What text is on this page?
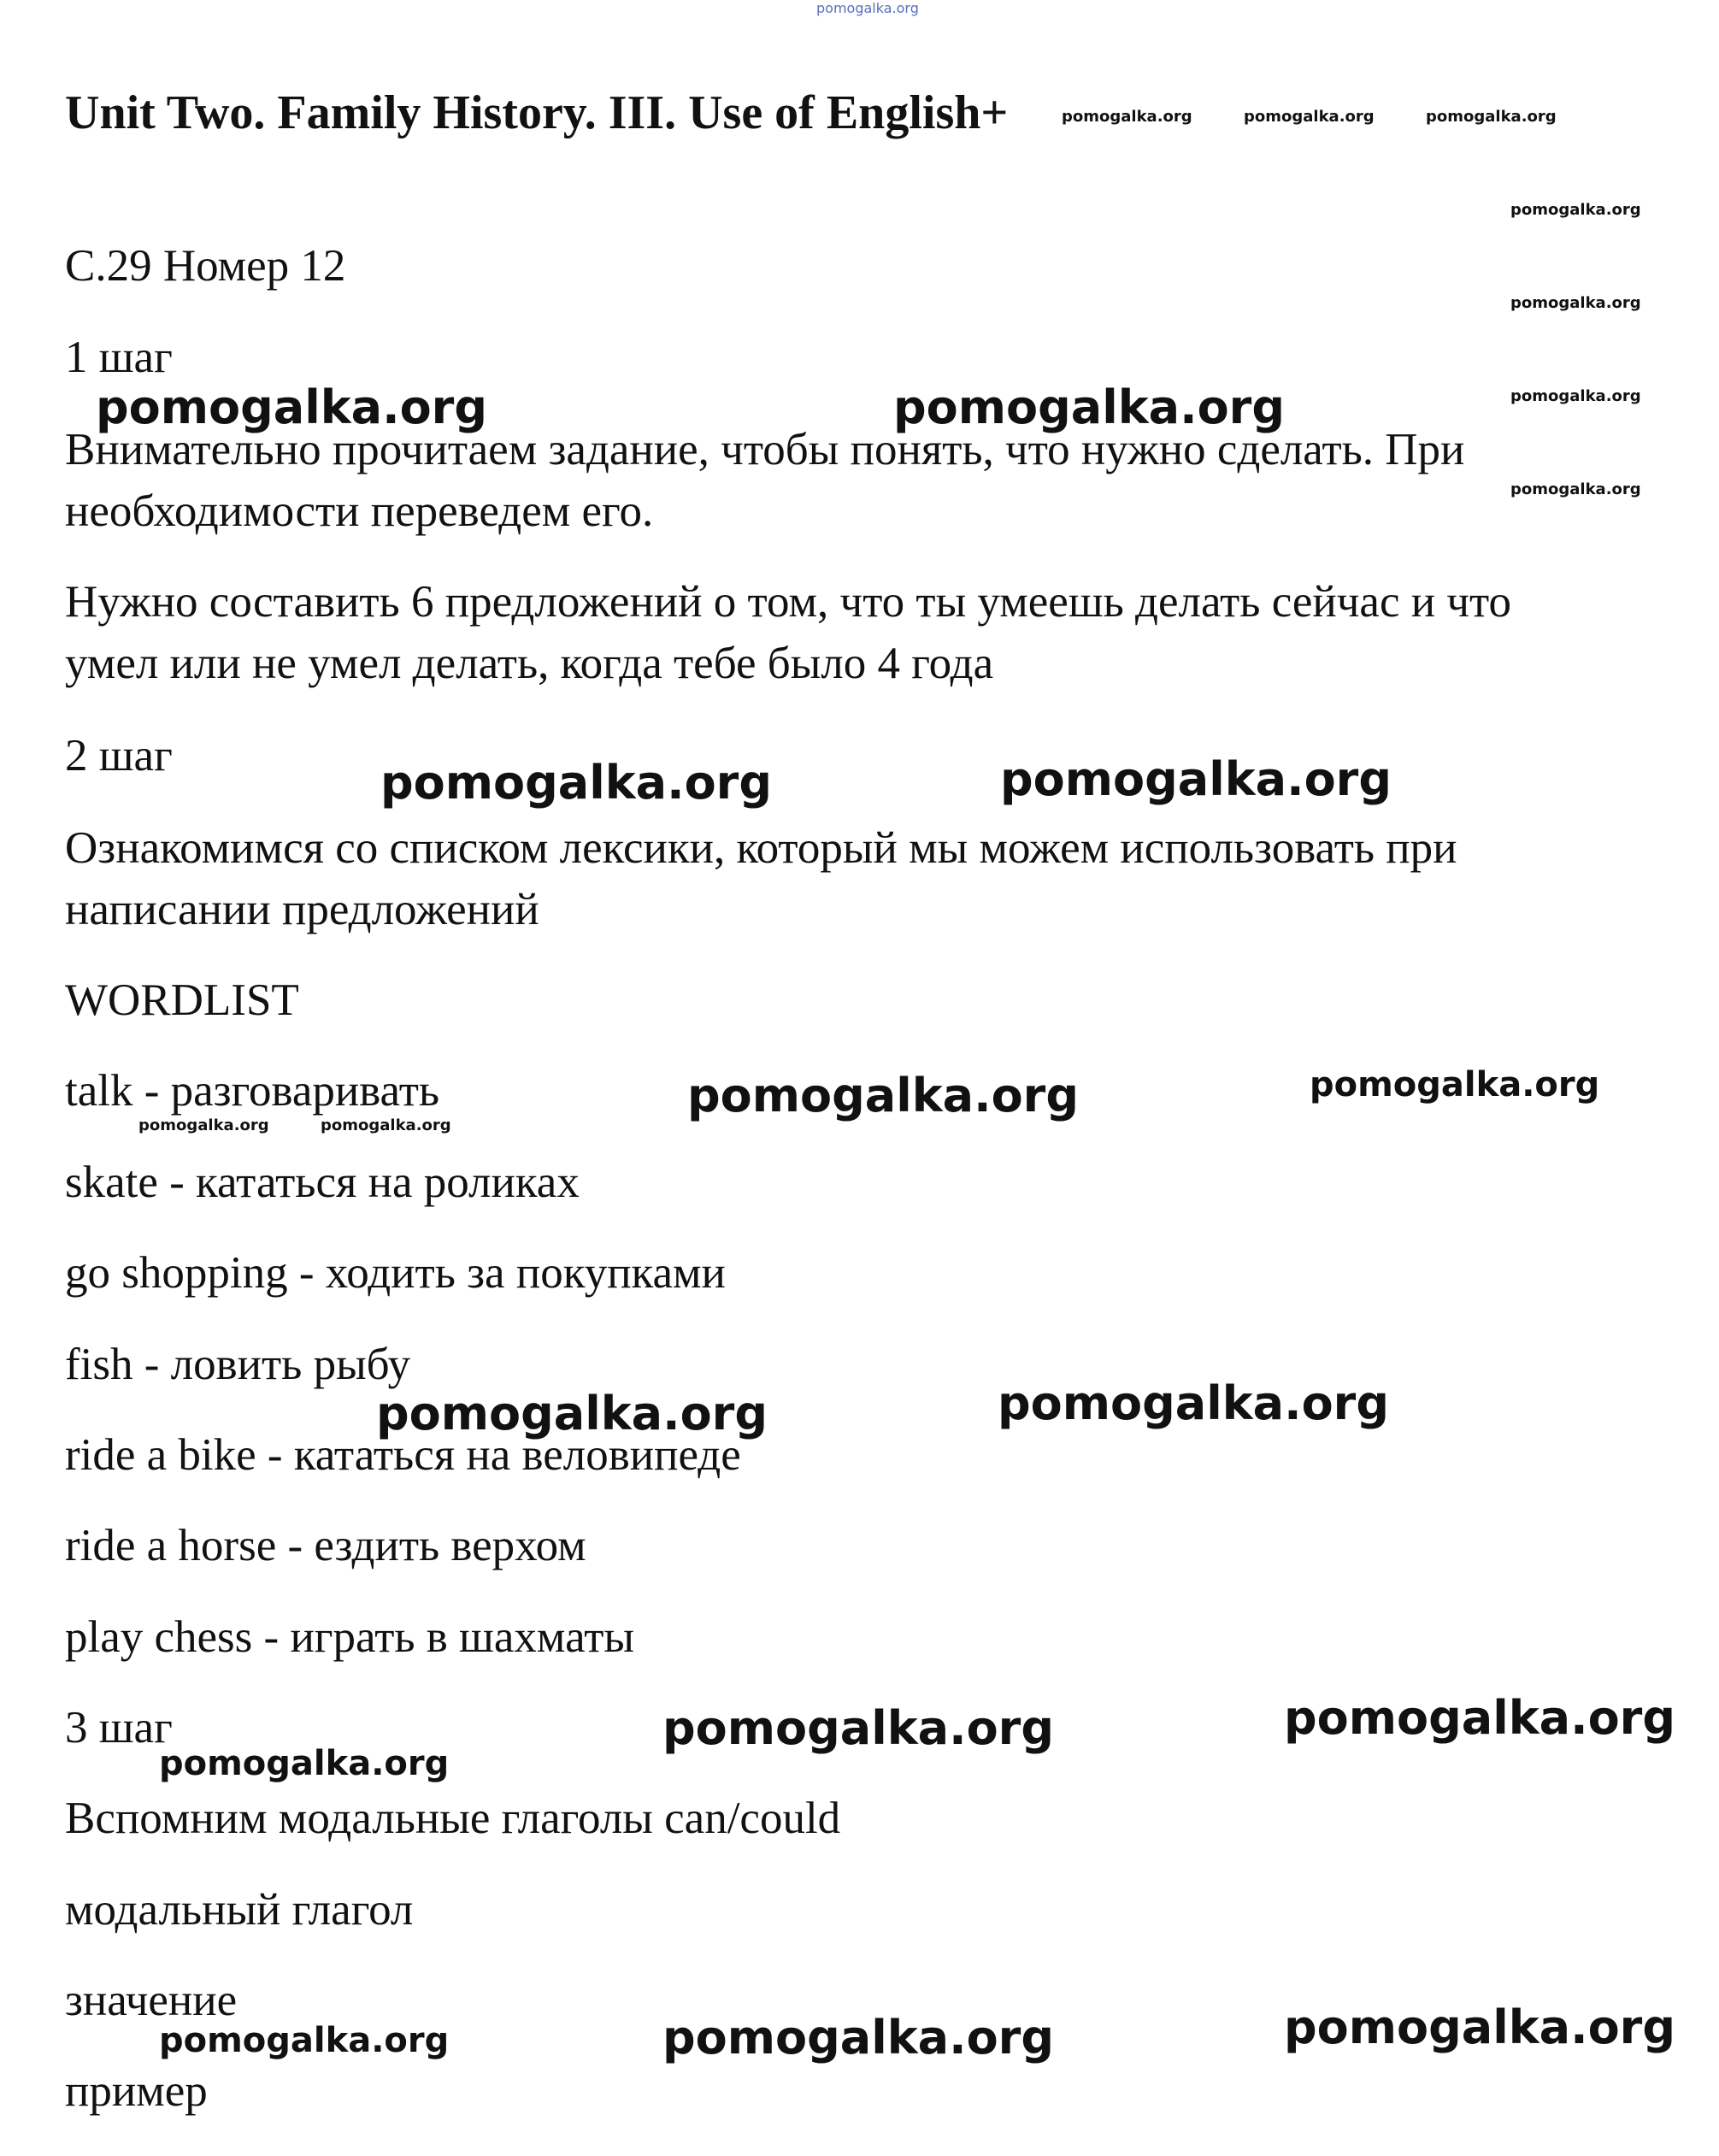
pomogalka.org
Unit Two. Family History. III. Use of English+
С.29 Номер 12
1 шаг
Внимательно прочитаем задание, чтобы понять, что нужно сделать. При
необходимости переведем его.
Нужно составить 6 предложений о том, что ты умеешь делать сейчас и что
умел или не умел делать, когда тебе было 4 года
2 шаг
Ознакомимся со списком лексики, который мы можем использовать при
написании предложений
WORDLIST
talk - разговаривать
skate - кататься на роликах
go shopping - ходить за покупками
fish - ловить рыбу
ride a bike - кататься на веловипеде
ride a horse - ездить верхом
play chess - играть в шахматы
3 шаг
Вспомним модальные глаголы can/could
модальный глагол
значение
пример
pomogalka.org	pomogalka.org	pomogalka.org
pomogalka.org
pomogalka.org
pomogalka.org
pomogalka.org
pomogalka.org	pomogalka.org
pomogalka.org	pomogalka.org
pomogalka.org	pomogalka.org
pomogalka.org	pomogalka.org
pomogalka.org	pomogalka.org
pomogalka.org	pomogalka.org
pomogalka.org
pomogalka.org	pomogalka.org
pomogalka.org
